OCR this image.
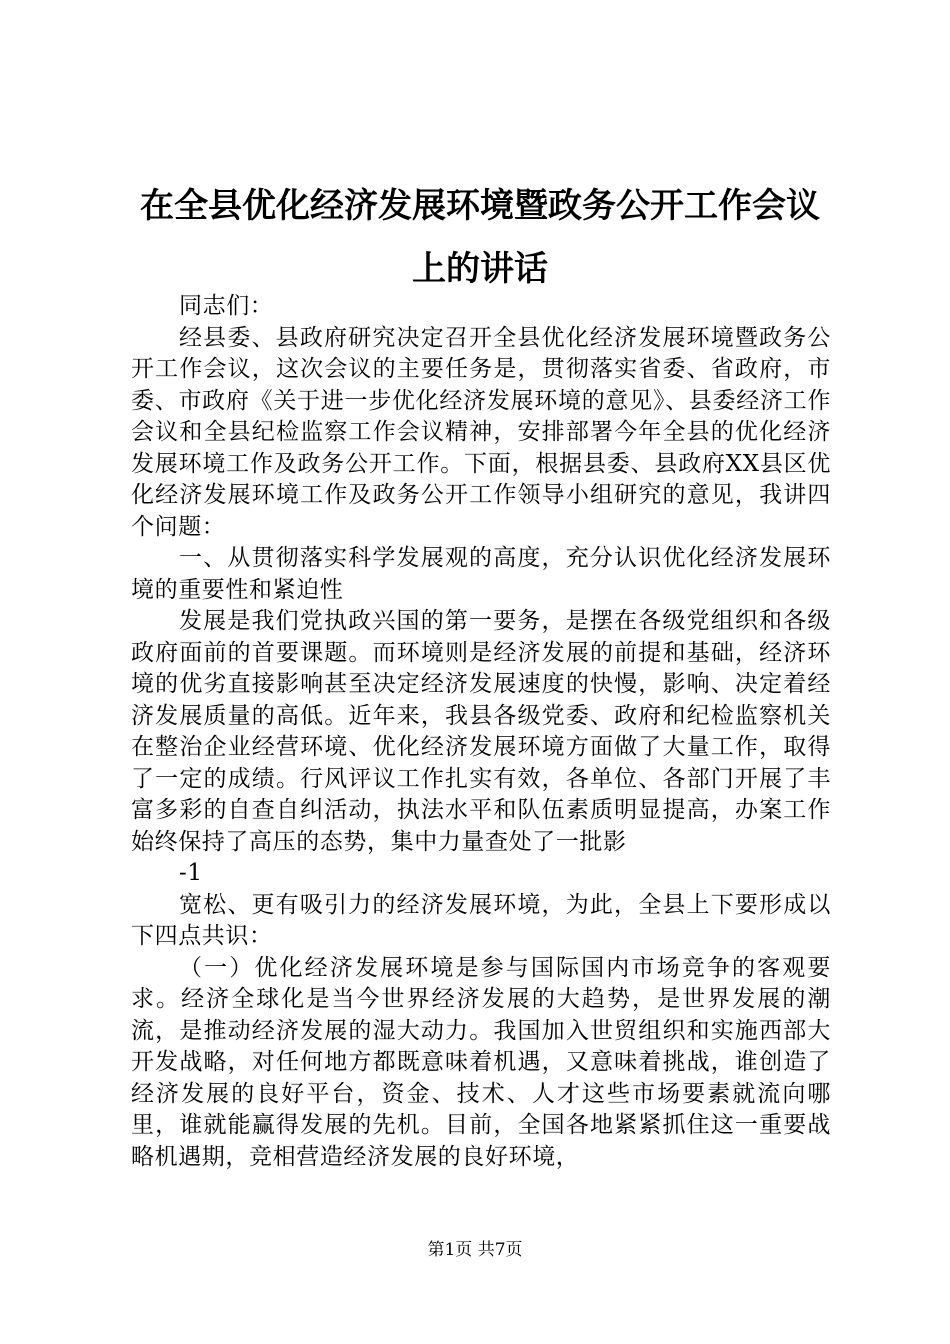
在全县优化经济发展环境暨政务公开工作会议
上的讲话

同志们：

经县委、县政府研究决定召开全县优化经济发展环境暨政务公开工作会议，这次会议的主要任务是，贯彻落实省委、省政府，市委、市政府《关于进一步优化经济发展环境的意见》、县委经济工作会议和全县纪检监察工作会议精神，安排部署今年全县的优化经济发展环境工作及政务公开工作。下面，根据县委、县政府XX县区优化经济发展环境工作及政务公开工作领导小组研究的意见，我讲四个问题：

一、从贯彻落实科学发展观的高度，充分认识优化经济发展环境的重要性和紧迫性

发展是我们党执政兴国的第一要务，是摆在各级党组织和各级政府面前的首要课题。而环境则是经济发展的前提和基础，经济环境的优劣直接影响甚至决定经济发展速度的快慢，影响、决定着经济发展质量的高低。近年来，我县各级党委、政府和纪检监察机关在整治企业经营环境、优化经济发展环境方面做了大量工作，取得了一定的成绩。行风评议工作扎实有效，各单位、各部门开展了丰富多彩的自查自纠活动，执法水平和队伍素质明显提高，办案工作始终保持了高压的态势，集中力量查处了一批影

-1

宽松、更有吸引力的经济发展环境，为此，全县上下要形成以下四点共识：

（一）优化经济发展环境是参与国际国内市场竞争的客观要求。经济全球化是当今世界经济发展的大趋势，是世界发展的潮流，是推动经济发展的湿大动力。我国加入世贸组织和实施西部大开发战略，对任何地方都既意味着机遇，又意味着挑战，谁创造了经济发展的良好平台，资金、技术、人才这些市场要素就流向哪里，谁就能赢得发展的先机。目前，全国各地紧紧抓住这一重要战略机遇期，竞相营造经济发展的良好环境，

第1页 共7页
